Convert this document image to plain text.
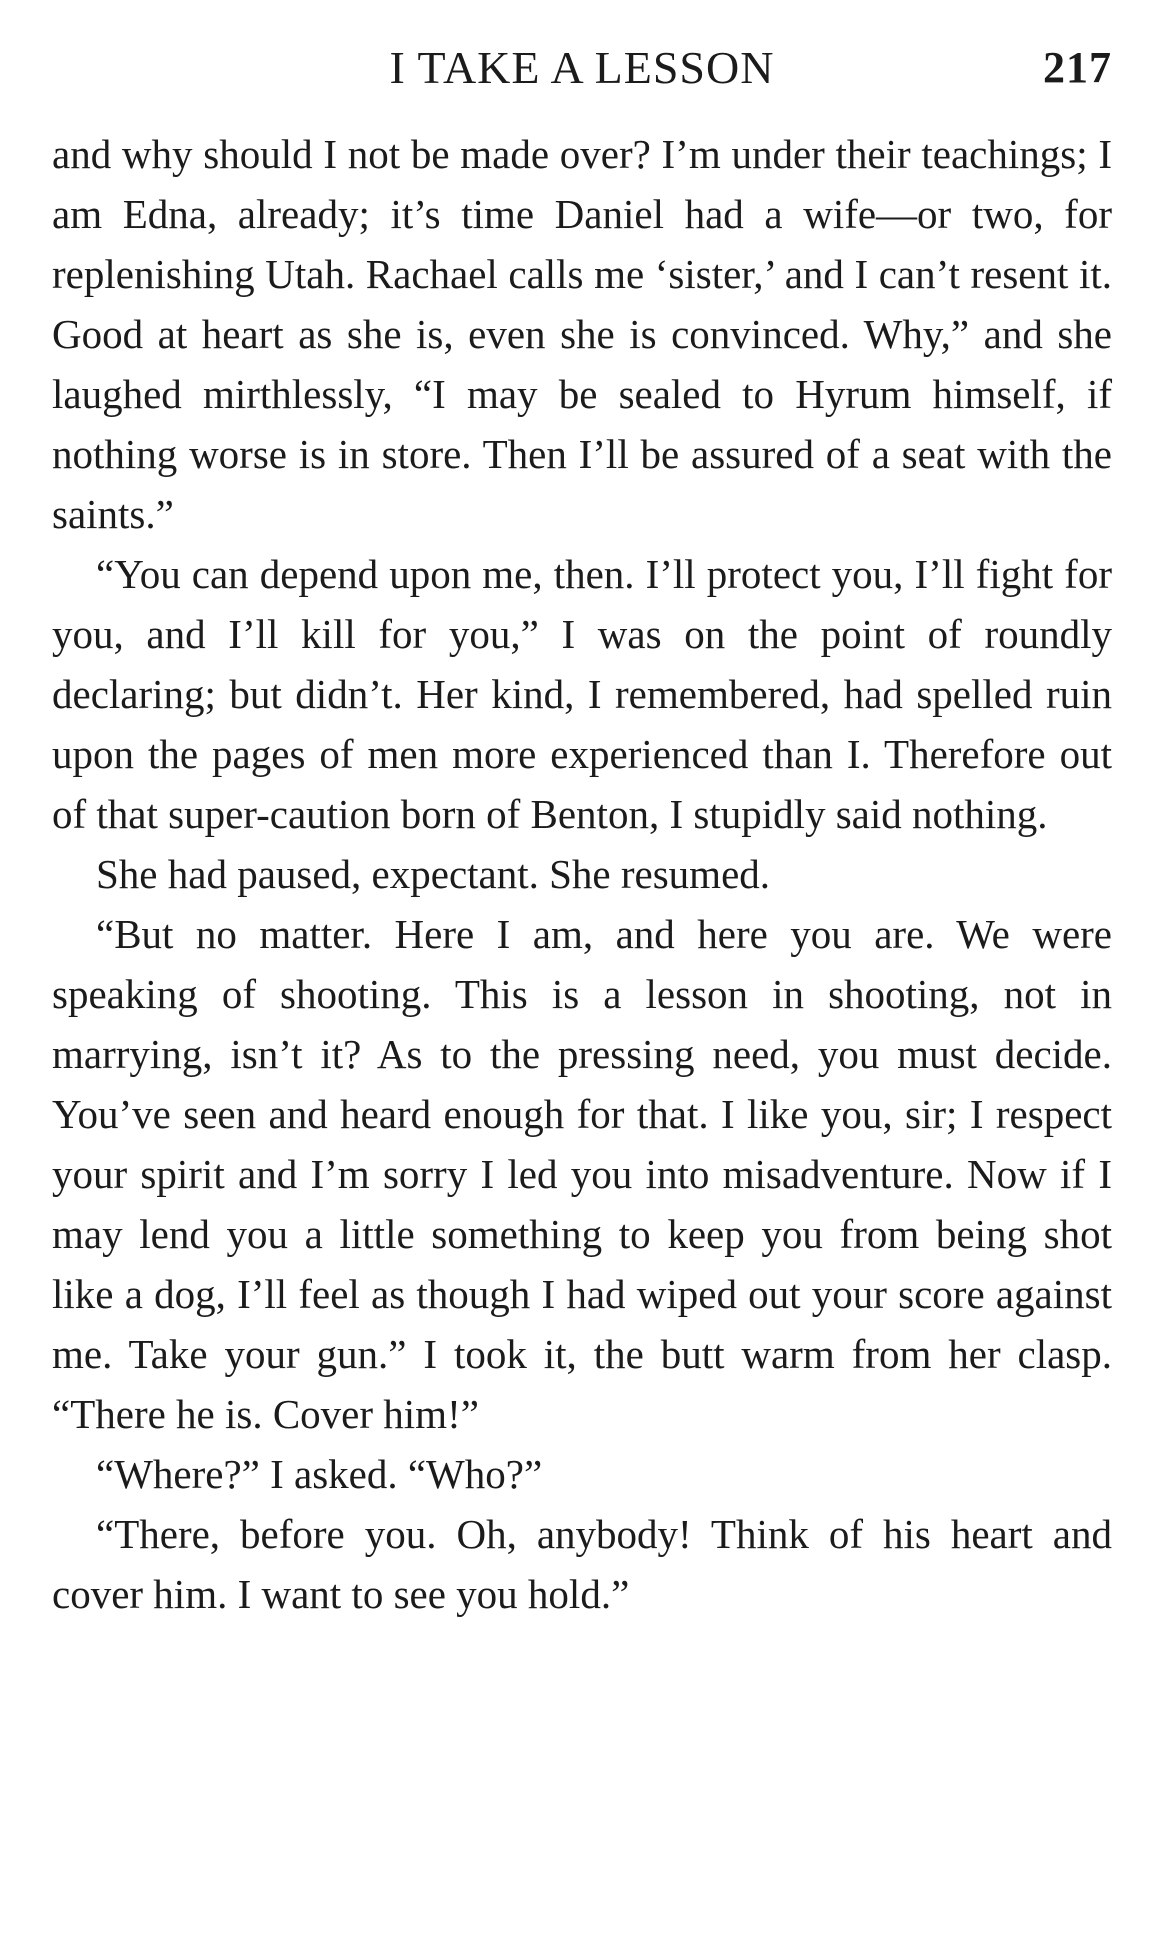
I TAKE A LESSON	217

and why should I not be made over? I’m under their teachings; I am Edna, already; it’s time Daniel had a wife—or two, for replenishing Utah. Rachael calls me ‘sister,’ and I can’t resent it. Good at heart as she is, even she is convinced. Why,” and she laughed mirthlessly, “I may be sealed to Hyrum himself, if nothing worse is in store. Then I’ll be assured of a seat with the saints.”

“You can depend upon me, then. I’ll protect you, I’ll fight for you, and I’ll kill for you,” I was on the point of roundly declaring; but didn’t. Her kind, I remembered, had spelled ruin upon the pages of men more experienced than I. Therefore out of that super-caution born of Benton, I stupidly said nothing.

She had paused, expectant. She resumed.

“But no matter. Here I am, and here you are. We were speaking of shooting. This is a lesson in shooting, not in marrying, isn’t it? As to the pressing need, you must decide. You’ve seen and heard enough for that. I like you, sir; I respect your spirit and I’m sorry I led you into misadventure. Now if I may lend you a little something to keep you from being shot like a dog, I’ll feel as though I had wiped out your score against me. Take your gun.” I took it, the butt warm from her clasp. “There he is. Cover him!”

“Where?” I asked. “Who?”

“There, before you. Oh, anybody! Think of his heart and cover him. I want to see you hold.”
